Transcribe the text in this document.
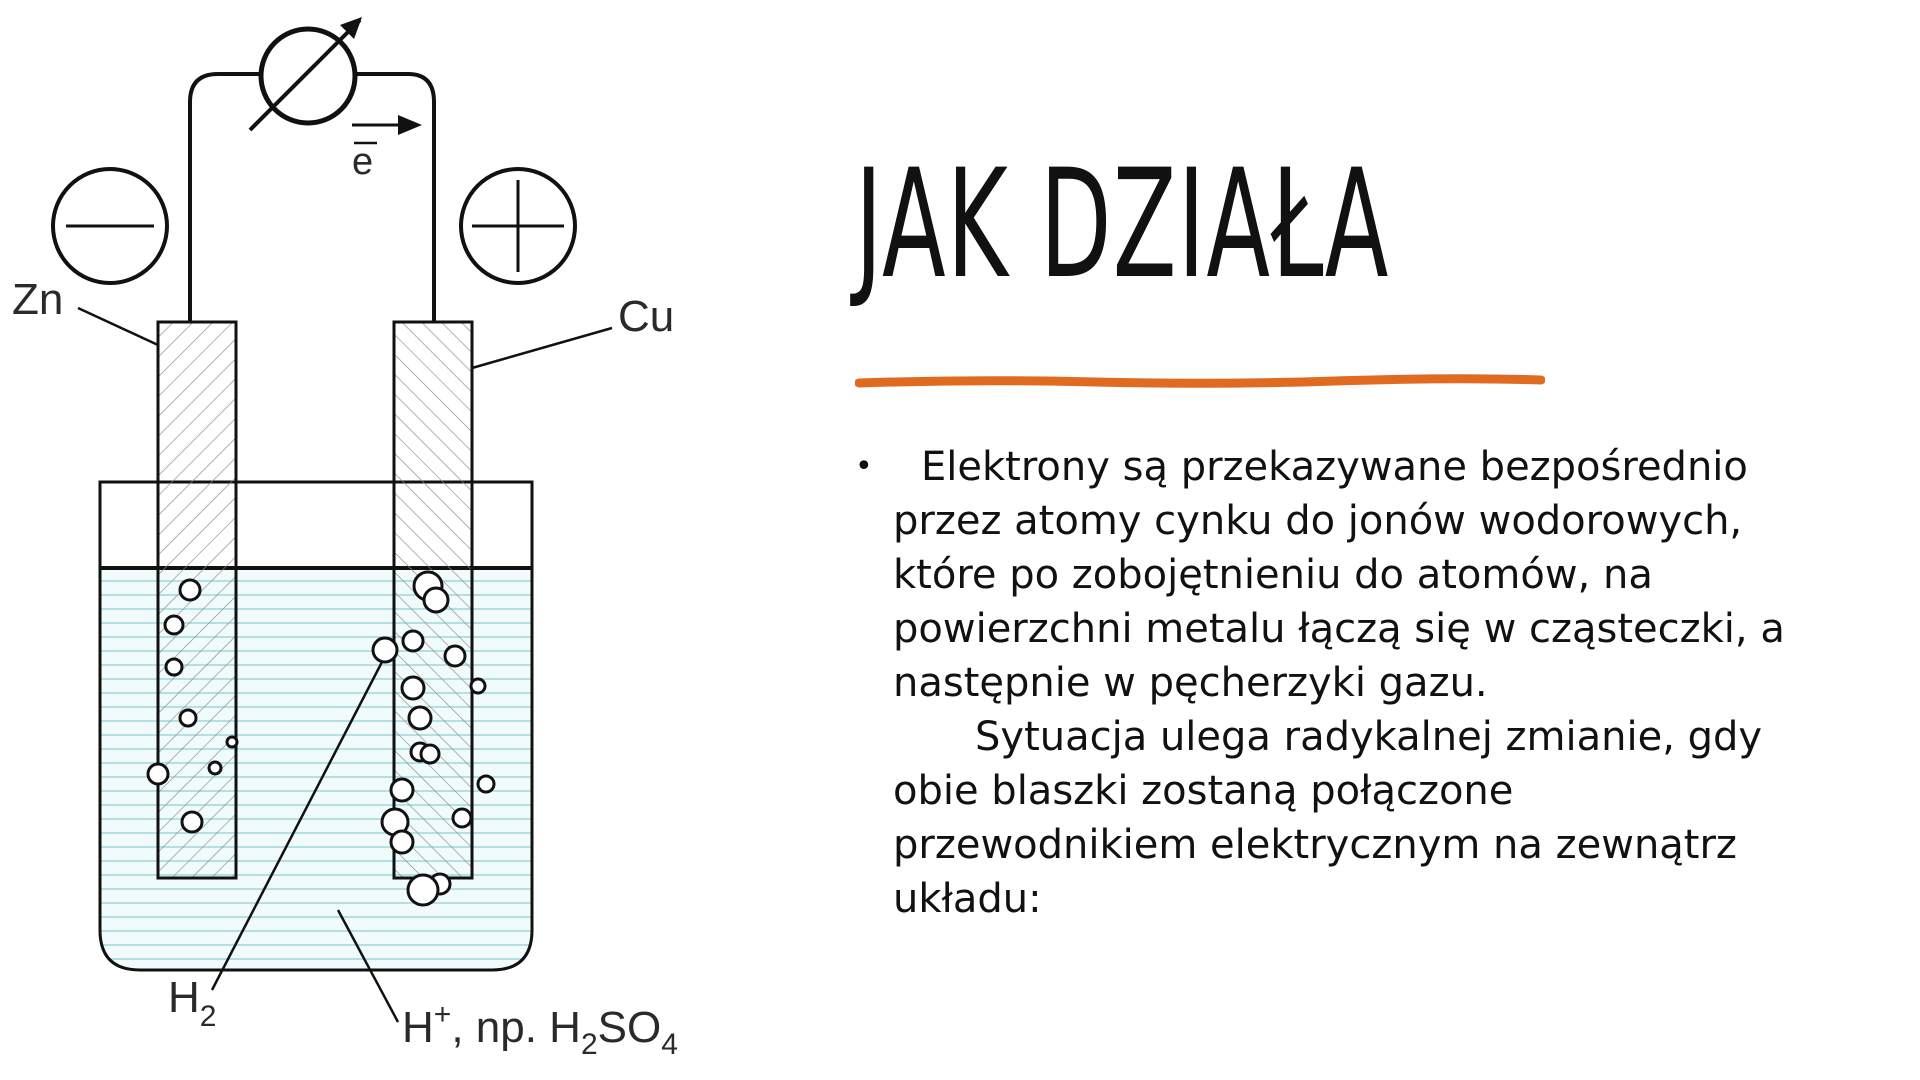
e
Zn	Cu
$H_2$	H+, np. $H_2SO_4$
JAK DZIAŁA
•	Elektrony są przekazywane bezpośrednio przez atomy cynku do jonów wodorowych, które po zobojętnieniu do atomów, na powierzchni metalu łączą się w cząsteczki, a następnie w pęcherzyki gazu.
Sytuacja ulega radykalnej zmianie, gdy obie blaszki zostaną połączone przewodnikiem elektrycznym na zewnątrz układu:
